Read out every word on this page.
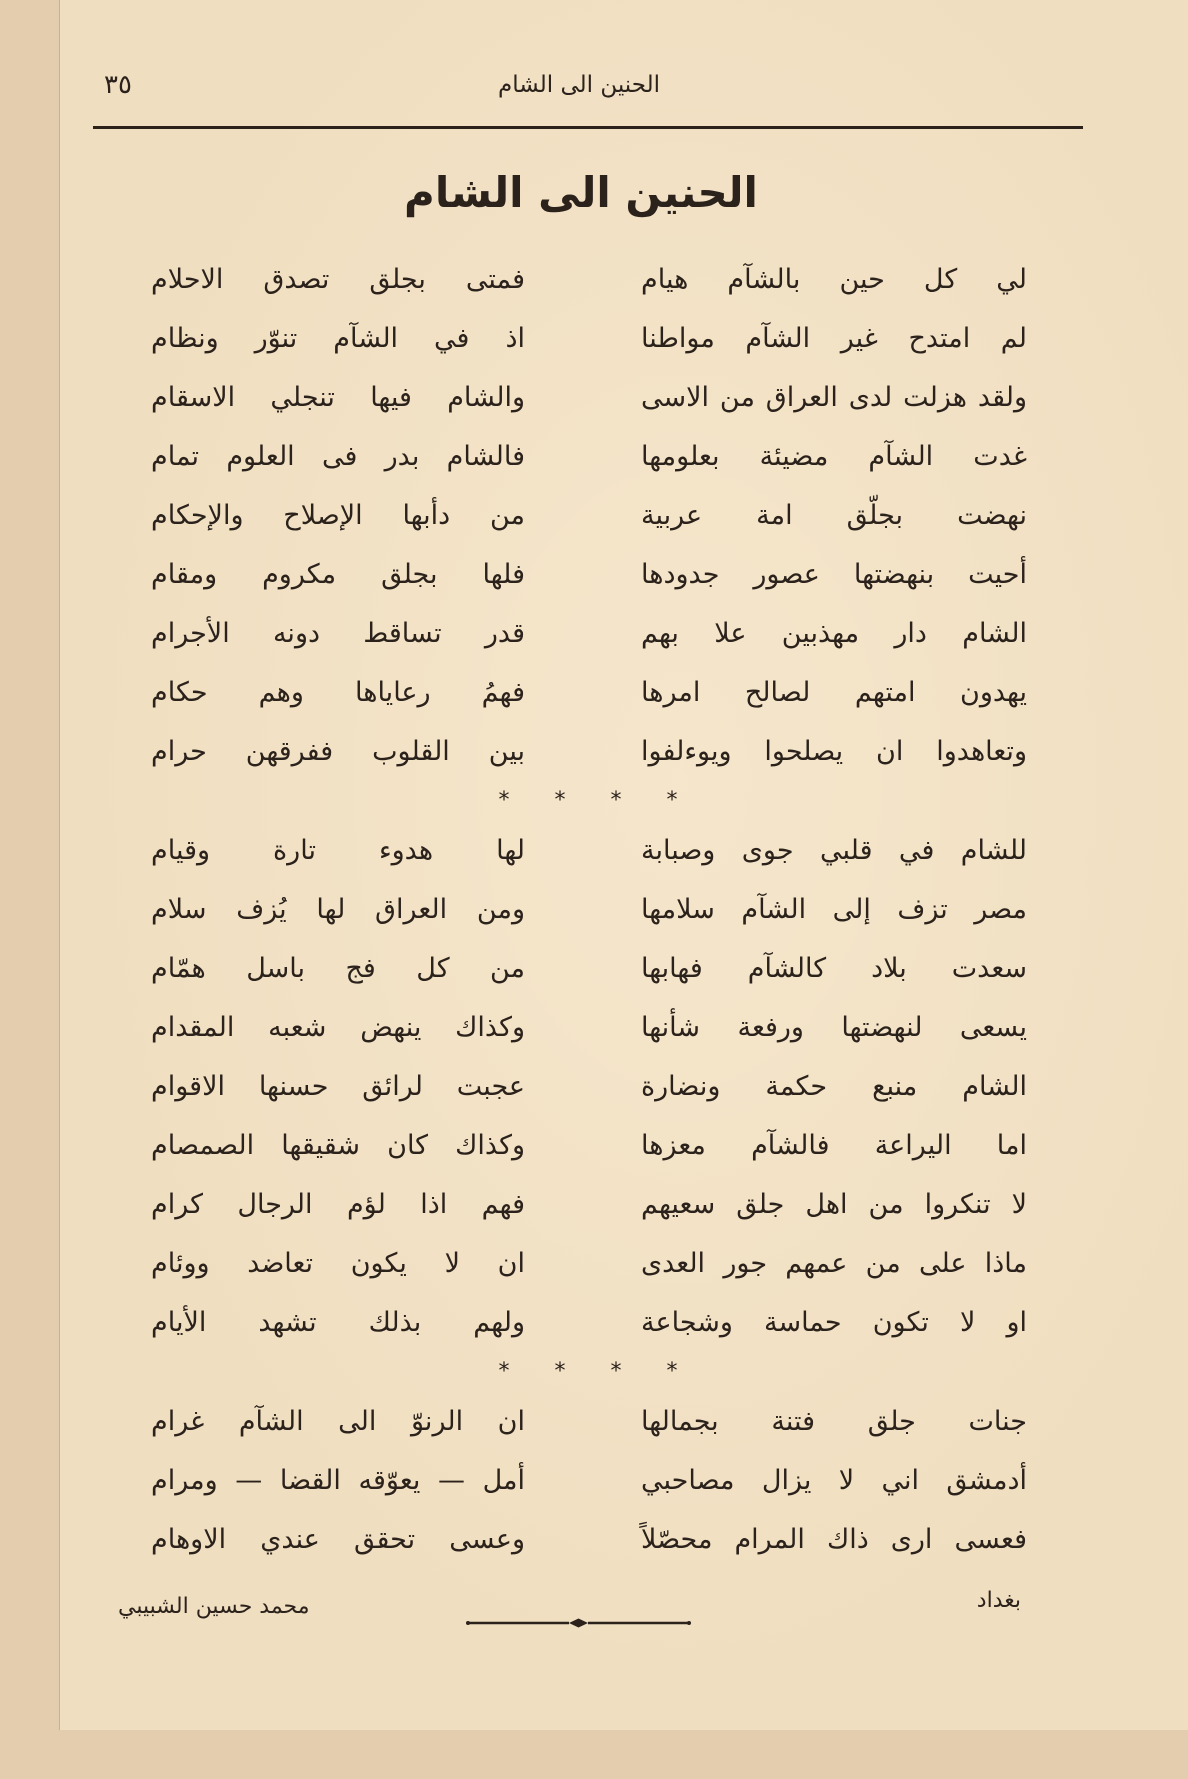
٣٥	الحنين الى الشام
الحنين الى الشام
لي كل حين بالشآم هيام
فمتى بجلق تصدق الاحلام
لم امتدح غير الشآم مواطنا
اذ في الشآم تنوّر ونظام
ولقد هزلت لدى العراق من الاسى
والشام فيها تنجلي الاسقام
غدت الشآم مضيئة بعلومها
فالشام بدر فى العلوم تمام
نهضت بجلّق امة عربية
من دأبها الإصلاح والإحكام
أحيت بنهضتها عصور جدودها
فلها بجلق مكروم ومقام
الشام دار مهذبين علا بهم
قدر تساقط دونه الأجرام
يهدون امتهم لصالح امرها
فهمُ رعاياها وهم حكام
وتعاهدوا ان يصلحوا ويوءلفوا
بين القلوب ففرقهن حرام
* * * *
للشام في قلبي جوى وصبابة
لها هدوء تارة وقيام
مصر تزف إلى الشآم سلامها
ومن العراق لها يُزف سلام
سعدت بلاد كالشآم فهابها
من كل فج باسل همّام
يسعى لنهضتها ورفعة شأنها
وكذاك ينهض شعبه المقدام
الشام منبع حكمة ونضارة
عجبت لرائق حسنها الاقوام
اما اليراعة فالشآم معزها
وكذاك كان شقيقها الصمصام
لا تنكروا من اهل جلق سعيهم
فهم اذا لؤم الرجال كرام
ماذا على من عمهم جور العدى
ان لا يكون تعاضد ووئام
او لا تكون حماسة وشجاعة
ولهم بذلك تشهد الأيام
* * * *
جنات جلق فتنة بجمالها
ان الرنوّ الى الشآم غرام
أدمشق اني لا يزال مصاحبي
أمل — يعوّقه القضا — ومرام
فعسى ارى ذاك المرام محصّلاً
وعسى تحقق عندي الاوهام
بغداد
محمد حسين الشبيبي
